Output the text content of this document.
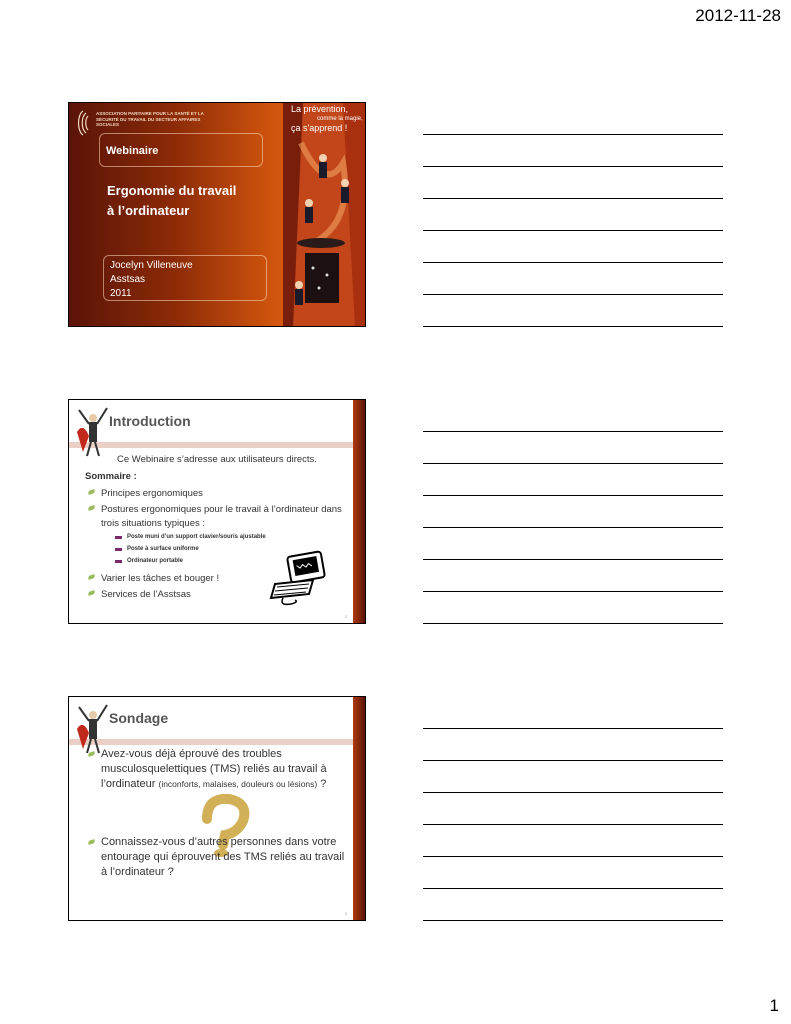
2012-11-28
ASSOCIATION PARITAIRE POUR LA SANTÉ ET LA SÉCURITÉ DU TRAVAIL DU SECTEUR AFFAIRES SOCIALES
La prévention,
comme la magie,
ça s'apprend !
Webinaire
Ergonomie du travail
à l’ordinateur
Jocelyn Villeneuve
Asstsas
2011
Introduction
Ce Webinaire s’adresse aux utilisateurs directs.
Sommaire :
Principes ergonomiques
Postures ergonomiques pour le travail à l’ordinateur dans
trois situations typiques :
Poste muni d’un support clavier/souris ajustable
Poste à surface uniforme
Ordinateur portable
Varier les tâches et bouger !
Services de l’Asstsas
2
Sondage
Avez-vous déjà éprouvé des troubles
musculosquelettiques (TMS) reliés au travail à
l’ordinateur (inconforts, malaises, douleurs ou lésions) ?
Connaissez-vous d’autres personnes dans votre
entourage qui éprouvent des TMS reliés au travail
à l’ordinateur ?
3
1
